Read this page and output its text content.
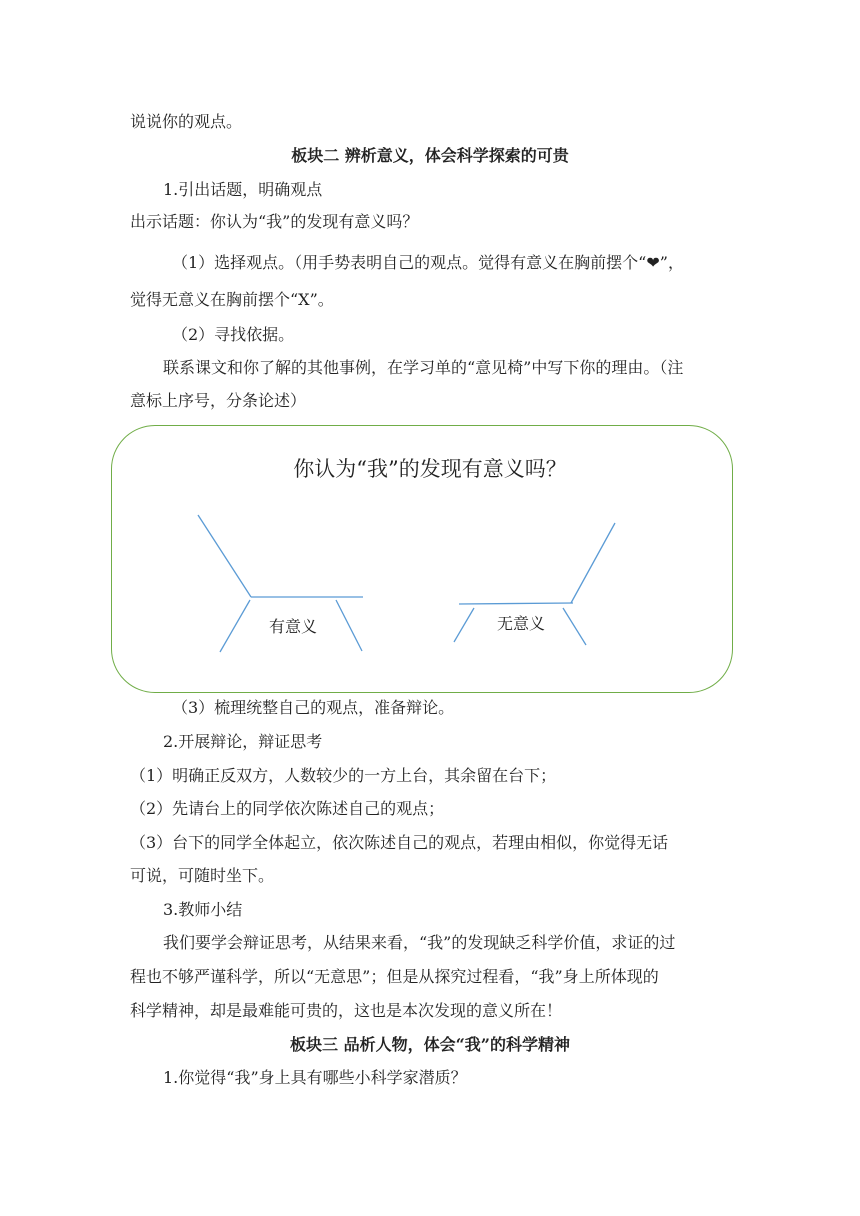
说说你的观点。
板块二 辨析意义，体会科学探索的可贵
1.引出话题，明确观点
出示话题：你认为“我”的发现有意义吗？
（1）选择观点。（用手势表明自己的观点。觉得有意义在胸前摆个“❤”，
觉得无意义在胸前摆个“X”。
（2）寻找依据。
联系课文和你了解的其他事例，在学习单的“意见椅”中写下你的理由。（注
意标上序号，分条论述）
你认为“我”的发现有意义吗？
有意义	无意义
（3）梳理统整自己的观点，准备辩论。
2.开展辩论，辩证思考
（1）明确正反双方，人数较少的一方上台，其余留在台下；
（2）先请台上的同学依次陈述自己的观点；
（3）台下的同学全体起立，依次陈述自己的观点，若理由相似，你觉得无话
可说，可随时坐下。
3.教师小结
我们要学会辩证思考，从结果来看，“我”的发现缺乏科学价值，求证的过
程也不够严谨科学，所以“无意思”；但是从探究过程看，“我”身上所体现的
科学精神，却是最难能可贵的，这也是本次发现的意义所在！
板块三 品析人物，体会“我”的科学精神
1.你觉得“我”身上具有哪些小科学家潜质？
